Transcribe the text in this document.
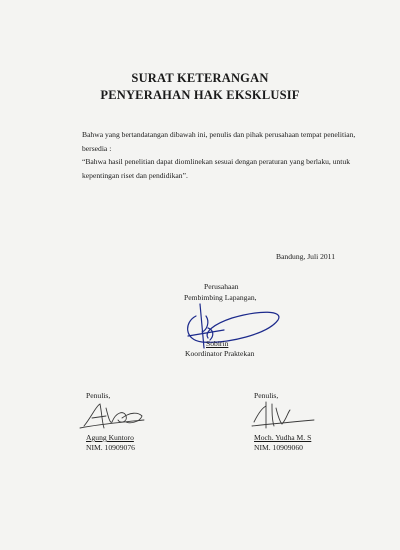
SURAT KETERANGAN
PENYERAHAN HAK EKSKLUSIF
Bahwa yang bertandatangan dibawah ini, penulis dan pihak perusahaan tempat penelitian, bersedia :
“Bahwa hasil penelitian dapat diomlinekan sesuai dengan peraturan yang berlaku, untuk kepentingan riset dan pendidikan”.
Bandung, Juli 2011
Perusahaan
Pembimbing Lapangan,
Sobirin
Koordinator Praktekan
Penulis,
Agung Kuntoro
NIM. 10909076
Penulis,
Moch. Yudha M. S
NIM. 10909060
